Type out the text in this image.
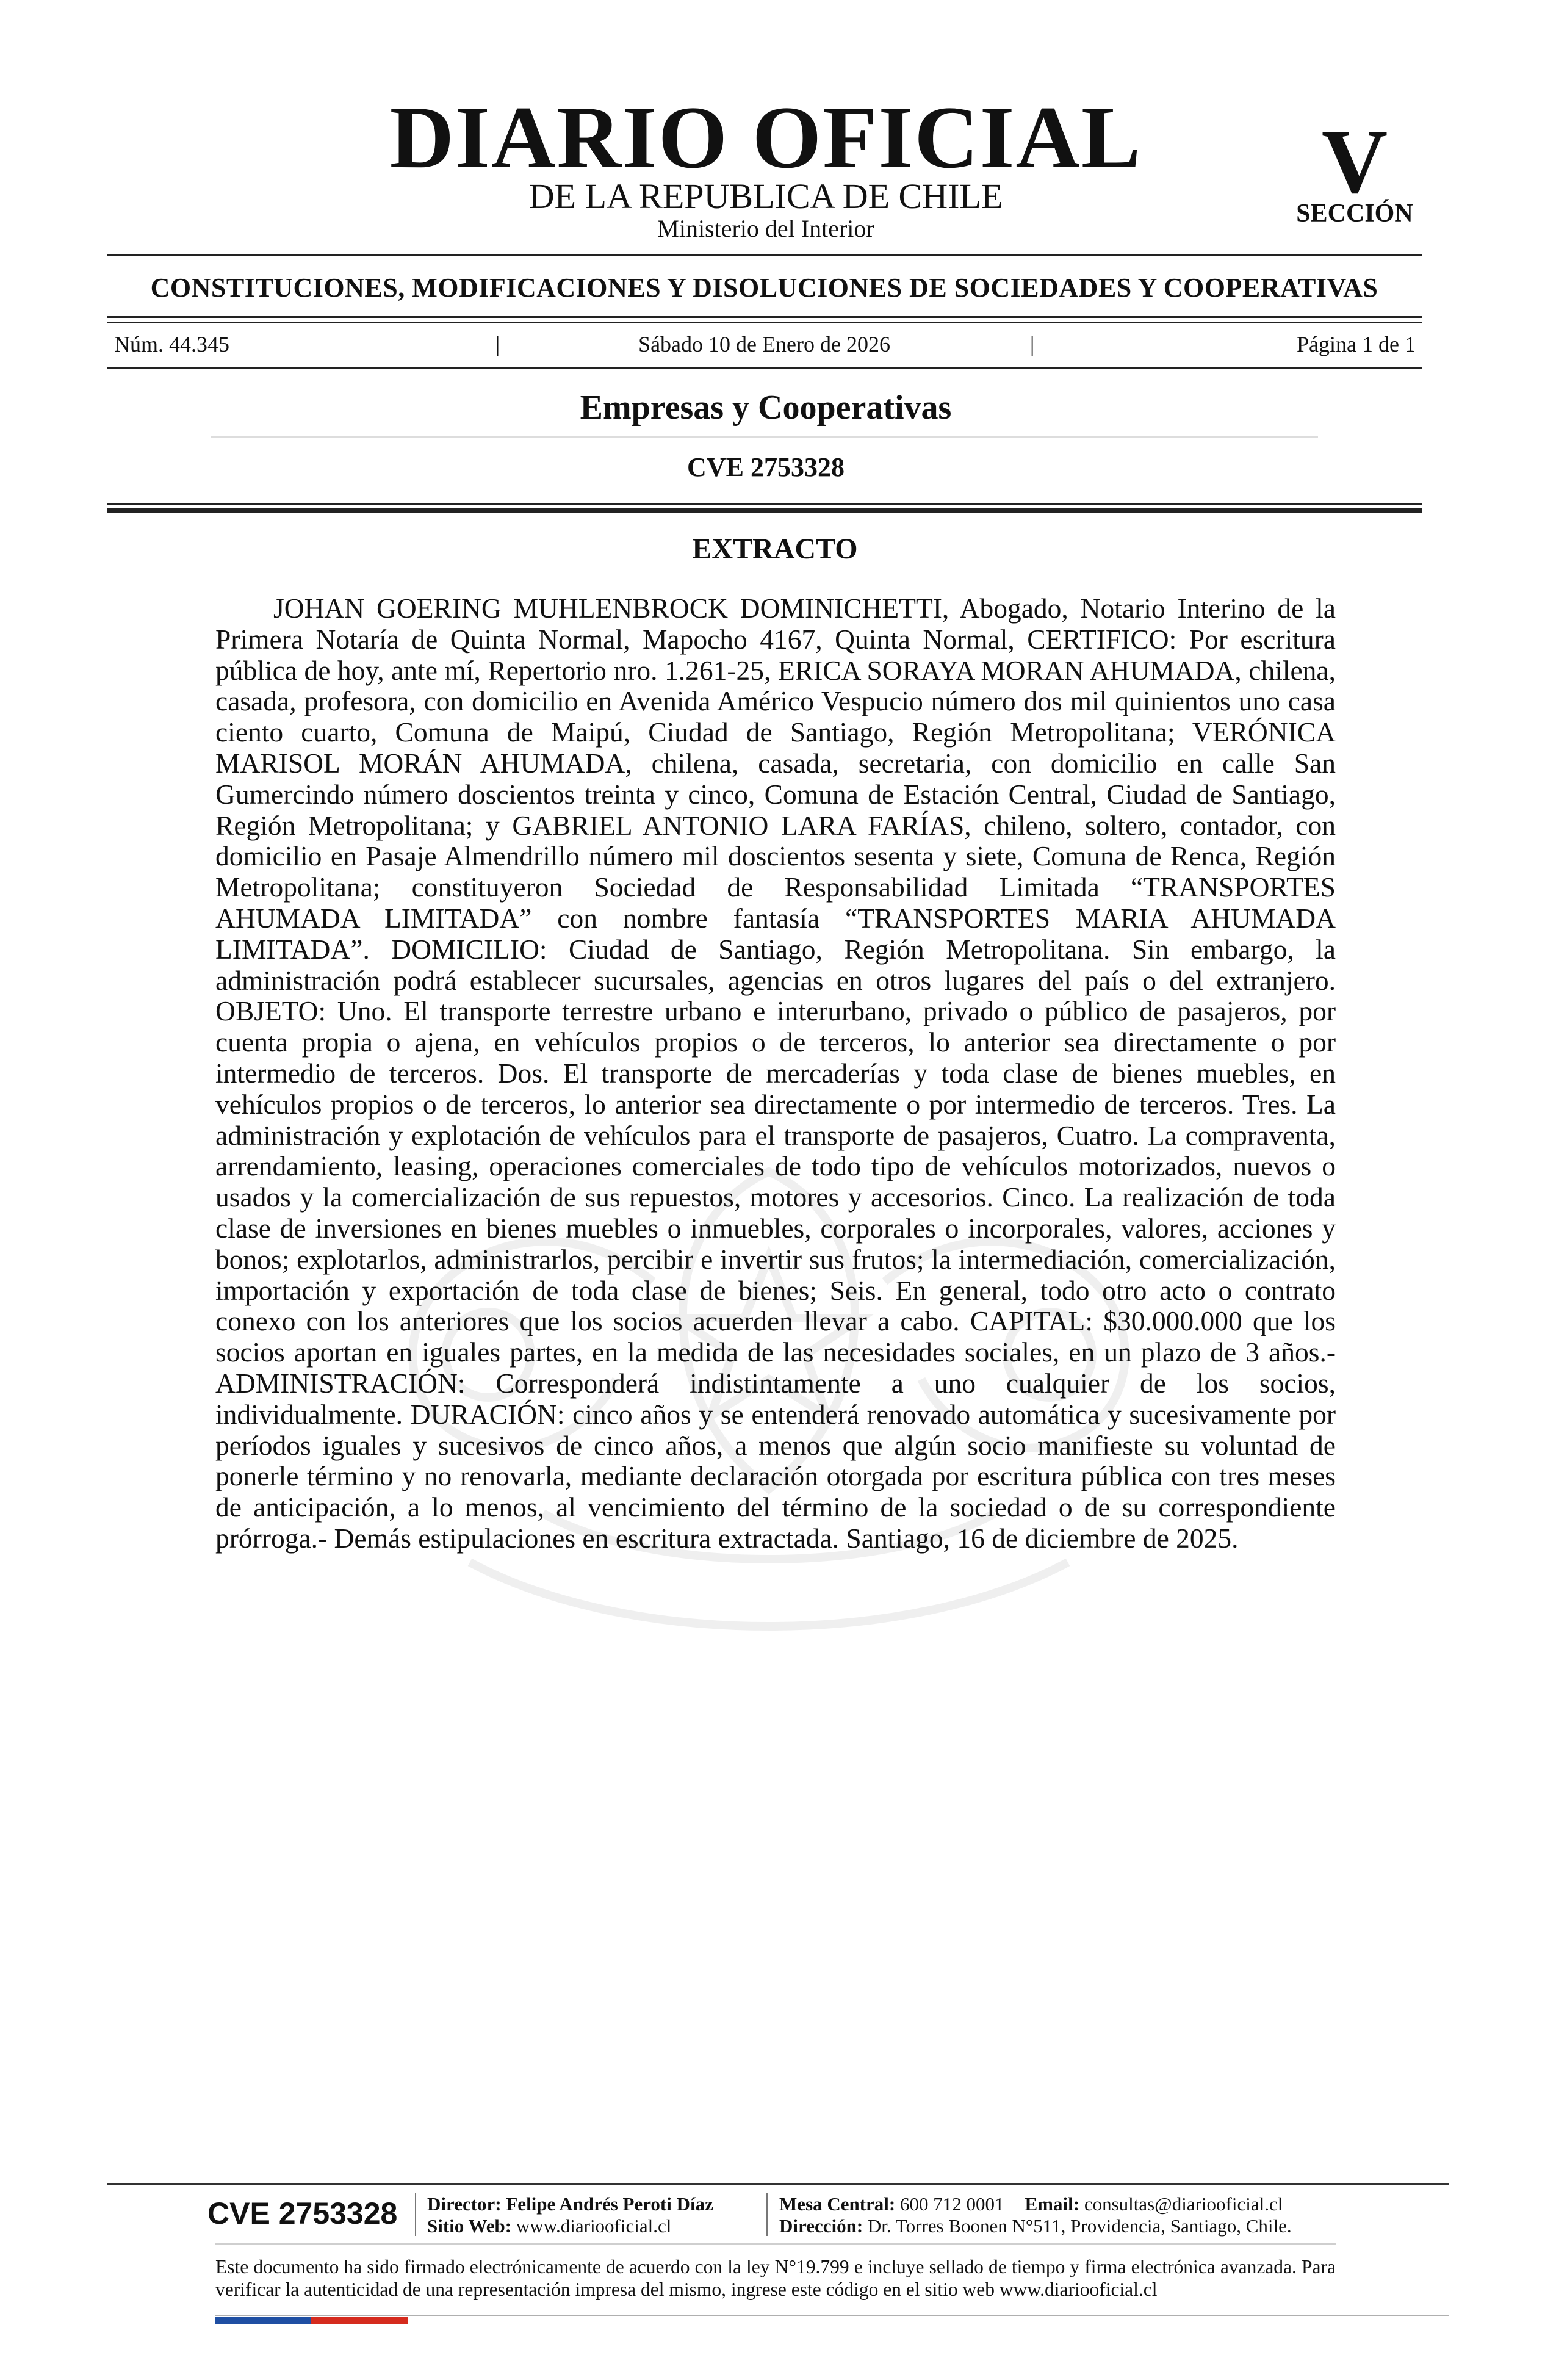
DIARIO OFICIAL
DE LA REPUBLICA DE CHILE
Ministerio del Interior
V
SECCIÓN
CONSTITUCIONES, MODIFICACIONES Y DISOLUCIONES DE SOCIEDADES Y COOPERATIVAS
Núm. 44.345	|	Sábado 10 de Enero de 2026	|	Página 1 de 1
Empresas y Cooperativas
CVE 2753328
EXTRACTO
JOHAN GOERING MUHLENBROCK DOMINICHETTI, Abogado, Notario Interino de la Primera Notaría de Quinta Normal, Mapocho 4167, Quinta Normal, CERTIFICO: Por escritura pública de hoy, ante mí, Repertorio nro. 1.261-25, ERICA SORAYA MORAN AHUMADA, chilena, casada, profesora, con domicilio en Avenida Américo Vespucio número dos mil quinientos uno casa ciento cuarto, Comuna de Maipú, Ciudad de Santiago, Región Metropolitana; VERÓNICA MARISOL MORÁN AHUMADA, chilena, casada, secretaria, con domicilio en calle San Gumercindo número doscientos treinta y cinco, Comuna de Estación Central, Ciudad de Santiago, Región Metropolitana; y GABRIEL ANTONIO LARA FARÍAS, chileno, soltero, contador, con domicilio en Pasaje Almendrillo número mil doscientos sesenta y siete, Comuna de Renca, Región Metropolitana; constituyeron Sociedad de Responsabilidad Limitada “TRANSPORTES AHUMADA LIMITADA” con nombre fantasía “TRANSPORTES MARIA AHUMADA LIMITADA”. DOMICILIO: Ciudad de Santiago, Región Metropolitana. Sin embargo, la administración podrá establecer sucursales, agencias en otros lugares del país o del extranjero. OBJETO: Uno. El transporte terrestre urbano e interurbano, privado o público de pasajeros, por cuenta propia o ajena, en vehículos propios o de terceros, lo anterior sea directamente o por intermedio de terceros. Dos. El transporte de mercaderías y toda clase de bienes muebles, en vehículos propios o de terceros, lo anterior sea directamente o por intermedio de terceros. Tres. La administración y explotación de vehículos para el transporte de pasajeros, Cuatro. La compraventa, arrendamiento, leasing, operaciones comerciales de todo tipo de vehículos motorizados, nuevos o usados y la comercialización de sus repuestos, motores y accesorios. Cinco. La realización de toda clase de inversiones en bienes muebles o inmuebles, corporales o incorporales, valores, acciones y bonos; explotarlos, administrarlos, percibir e invertir sus frutos; la intermediación, comercialización, importación y exportación de toda clase de bienes; Seis. En general, todo otro acto o contrato conexo con los anteriores que los socios acuerden llevar a cabo. CAPITAL: $30.000.000 que los socios aportan en iguales partes, en la medida de las necesidades sociales, en un plazo de 3 años.- ADMINISTRACIÓN: Corresponderá indistintamente a uno cualquier de los socios, individualmente. DURACIÓN: cinco años y se entenderá renovado automática y sucesivamente por períodos iguales y sucesivos de cinco años, a menos que algún socio manifieste su voluntad de ponerle término y no renovarla, mediante declaración otorgada por escritura pública con tres meses de anticipación, a lo menos, al vencimiento del término de la sociedad o de su correspondiente prórroga.- Demás estipulaciones en escritura extractada. Santiago, 16 de diciembre de 2025.
CVE 2753328 Director: Felipe Andrés Peroti Díaz
Sitio Web: www.diariooficial.cl
Mesa Central: 600 712 0001 Email: consultas@diariooficial.cl
Dirección: Dr. Torres Boonen N°511, Providencia, Santiago, Chile.
Este documento ha sido firmado electrónicamente de acuerdo con la ley N°19.799 e incluye sellado de tiempo y firma electrónica avanzada. Para verificar la autenticidad de una representación impresa del mismo, ingrese este código en el sitio web www.diariooficial.cl
